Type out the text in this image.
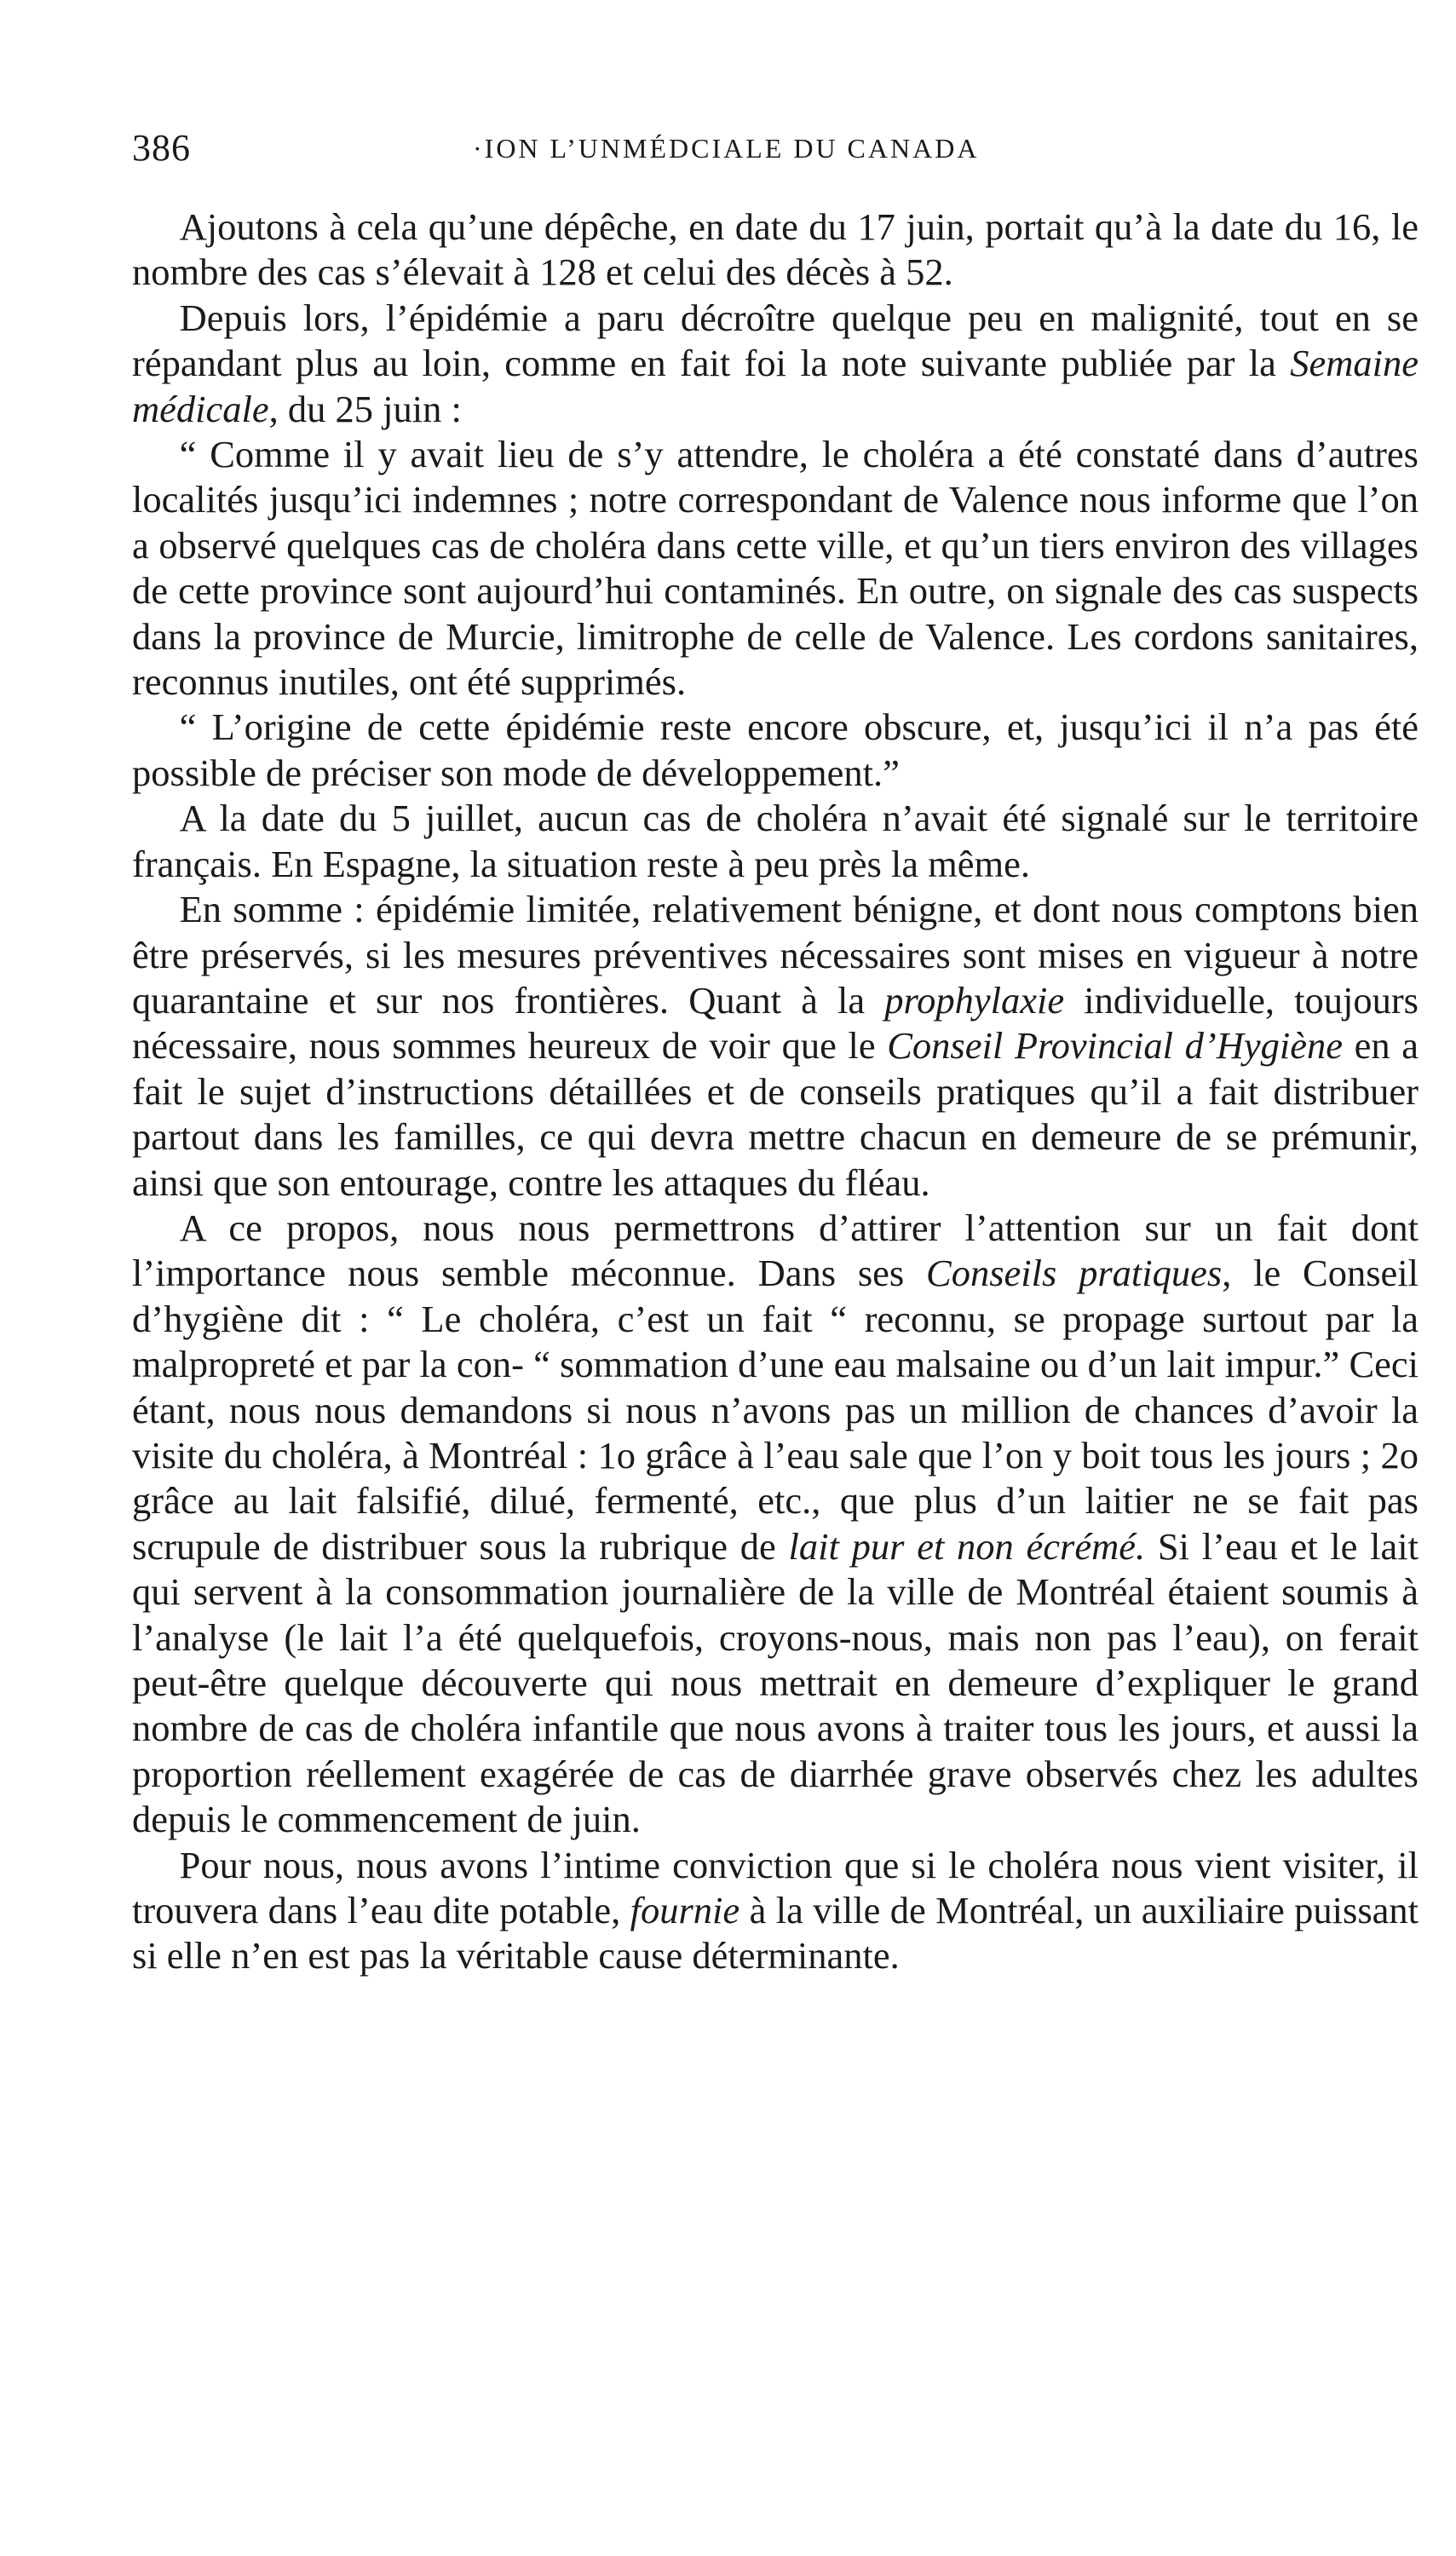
386	·ION L’UNMÉDCIALE DU CANADA

Ajoutons à cela qu’une dépêche, en date du 17 juin, portait qu’à la date du 16, le nombre des cas s’élevait à 128 et celui des décès à 52.

Depuis lors, l’épidémie a paru décroître quelque peu en malignité, tout en se répandant plus au loin, comme en fait foi la note suivante publiée par la Semaine médicale, du 25 juin :

“ Comme il y avait lieu de s’y attendre, le choléra a été constaté dans d’autres localités jusqu’ici indemnes ; notre correspondant de Valence nous informe que l’on a observé quelques cas de choléra dans cette ville, et qu’un tiers environ des villages de cette province sont aujourd’hui contaminés. En outre, on signale des cas suspects dans la province de Murcie, limitrophe de celle de Valence. Les cordons sanitaires, reconnus inutiles, ont été supprimés.

“ L’origine de cette épidémie reste encore obscure, et, jusqu’ici il n’a pas été possible de préciser son mode de développement.”

A la date du 5 juillet, aucun cas de choléra n’avait été signalé sur le territoire français. En Espagne, la situation reste à peu près la même.

En somme : épidémie limitée, relativement bénigne, et dont nous comptons bien être préservés, si les mesures préventives nécessaires sont mises en vigueur à notre quarantaine et sur nos frontières. Quant à la prophylaxie individuelle, toujours nécessaire, nous sommes heureux de voir que le Conseil Provincial d’Hygiène en a fait le sujet d’instructions détaillées et de conseils pratiques qu’il a fait distribuer partout dans les familles, ce qui devra mettre chacun en demeure de se prémunir, ainsi que son entourage, contre les attaques du fléau.

A ce propos, nous nous permettrons d’attirer l’attention sur un fait dont l’importance nous semble méconnue. Dans ses Conseils pratiques, le Conseil d’hygiène dit : “ Le choléra, c’est un fait “ reconnu, se propage surtout par la malpropreté et par la con- “ sommation d’une eau malsaine ou d’un lait impur.” Ceci étant, nous nous demandons si nous n’avons pas un million de chances d’avoir la visite du choléra, à Montréal : 1o grâce à l’eau sale que l’on y boit tous les jours ; 2o grâce au lait falsifié, dilué, fermenté, etc., que plus d’un laitier ne se fait pas scrupule de distribuer sous la rubrique de lait pur et non écrémé. Si l’eau et le lait qui servent à la consommation journalière de la ville de Montréal étaient soumis à l’analyse (le lait l’a été quelquefois, croyons-nous, mais non pas l’eau), on ferait peut-être quelque découverte qui nous mettrait en demeure d’expliquer le grand nombre de cas de choléra infantile que nous avons à traiter tous les jours, et aussi la proportion réellement exagérée de cas de diarrhée grave observés chez les adultes depuis le commencement de juin.

Pour nous, nous avons l’intime conviction que si le choléra nous vient visiter, il trouvera dans l’eau dite potable, fournie à la ville de Montréal, un auxiliaire puissant si elle n’en est pas la véritable cause déterminante.
